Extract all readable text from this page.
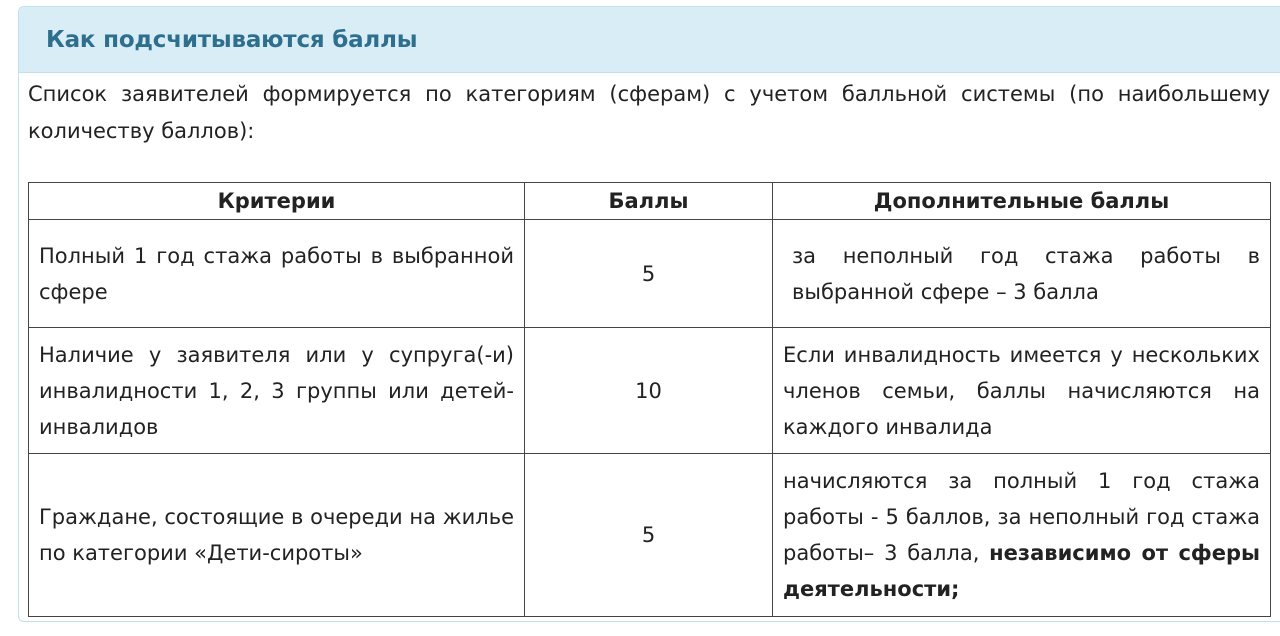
Как подсчитываются баллы

Список заявителей формируется по категориям (сферам) с учетом балльной системы (по наибольшему количеству баллов):

Критерии	Баллы	Дополнительные баллы
Полный 1 год стажа работы в выбранной сфере	5	за неполный год стажа работы в выбранной сфере – 3 балла
Наличие у заявителя или у супруга(-и) инвалидности 1, 2, 3 группы или детей-инвалидов	10	Если инвалидность имеется у нескольких членов семьи, баллы начисляются на каждого инвалида
Граждане, состоящие в очереди на жилье по категории «Дети-сироты»	5	начисляются за полный 1 год стажа работы - 5 баллов, за неполный год стажа работы– 3 балла, независимо от сферы деятельности;
